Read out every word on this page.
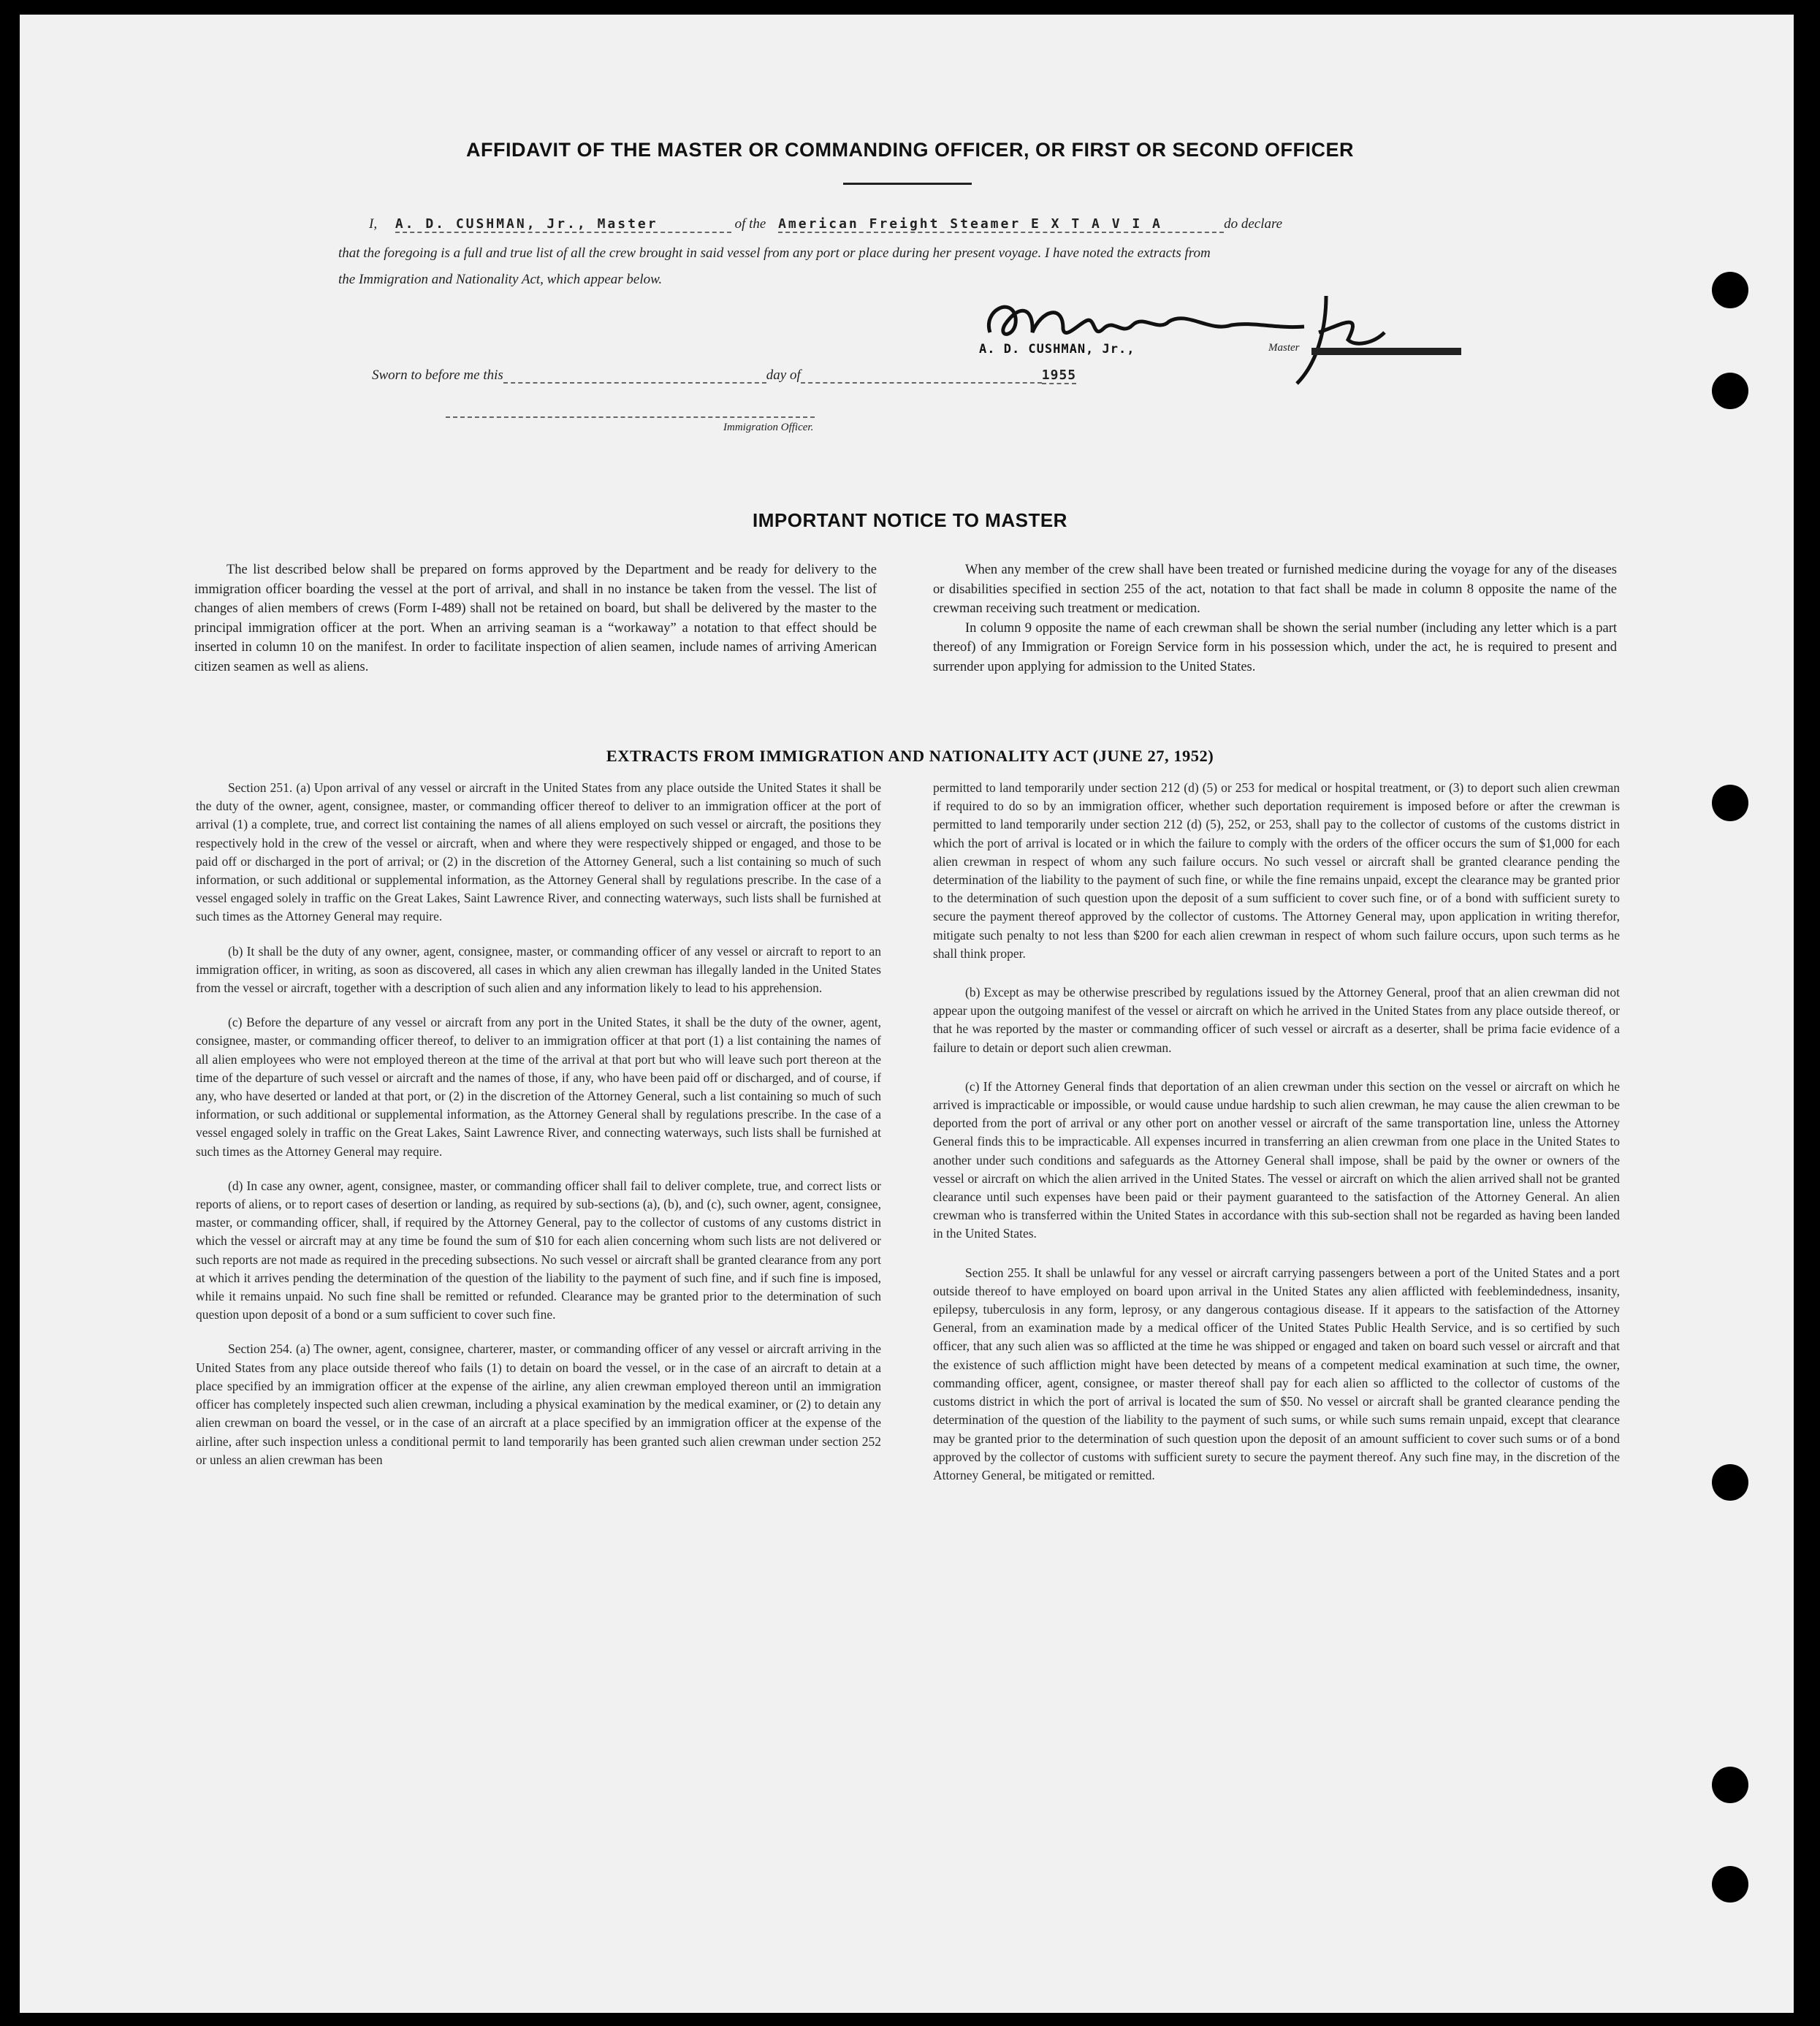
AFFIDAVIT OF THE MASTER OR COMMANDING OFFICER, OR FIRST OR SECOND OFFICER
I, A. D. CUSHMAN, Jr., Master	of the American Freight Steamer E X T A V I A	do declare
that the foregoing is a full and true list of all the crew brought in said vessel from any port or place during her present voyage. I have noted the extracts from
the Immigration and Nationality Act, which appear below.
A. D. CUSHMAN, Jr.,	Master
Sworn to before me this	day of	1955
Immigration Officer.
IMPORTANT NOTICE TO MASTER

The list described below shall be prepared on forms approved by the Department and be ready for delivery to the immigration officer boarding the vessel at the port of arrival, and shall in no instance be taken from the vessel. The list of changes of alien members of crews (Form I-489) shall not be retained on board, but shall be delivered by the master to the principal immigration officer at the port. When an arriving seaman is a “workaway” a notation to that effect should be inserted in column 10 on the manifest. In order to facilitate inspection of alien seamen, include names of arriving American citizen seamen as well as aliens.

When any member of the crew shall have been treated or furnished medicine during the voyage for any of the diseases or disabilities specified in section 255 of the act, notation to that fact shall be made in column 8 opposite the name of the crewman receiving such treatment or medication.

In column 9 opposite the name of each crewman shall be shown the serial number (including any letter which is a part thereof) of any Immigration or Foreign Service form in his possession which, under the act, he is required to present and surrender upon applying for admission to the United States.

EXTRACTS FROM IMMIGRATION AND NATIONALITY ACT (JUNE 27, 1952)

Section 251. (a) Upon arrival of any vessel or aircraft in the United States from any place outside the United States it shall be the duty of the owner, agent, consignee, master, or commanding officer thereof to deliver to an immigration officer at the port of arrival (1) a complete, true, and correct list containing the names of all aliens employed on such vessel or aircraft, the positions they respectively hold in the crew of the vessel or aircraft, when and where they were respectively shipped or engaged, and those to be paid off or discharged in the port of arrival; or (2) in the discretion of the Attorney General, such a list containing so much of such information, or such additional or supplemental information, as the Attorney General shall by regulations prescribe. In the case of a vessel engaged solely in traffic on the Great Lakes, Saint Lawrence River, and connecting waterways, such lists shall be furnished at such times as the Attorney General may require.

(b) It shall be the duty of any owner, agent, consignee, master, or commanding officer of any vessel or aircraft to report to an immigration officer, in writing, as soon as discovered, all cases in which any alien crewman has illegally landed in the United States from the vessel or aircraft, together with a description of such alien and any information likely to lead to his apprehension.

(c) Before the departure of any vessel or aircraft from any port in the United States, it shall be the duty of the owner, agent, consignee, master, or commanding officer thereof, to deliver to an immigration officer at that port (1) a list containing the names of all alien employees who were not employed thereon at the time of the arrival at that port but who will leave such port thereon at the time of the departure of such vessel or aircraft and the names of those, if any, who have been paid off or discharged, and of course, if any, who have deserted or landed at that port, or (2) in the discretion of the Attorney General, such a list containing so much of such information, or such additional or supplemental information, as the Attorney General shall by regulations prescribe. In the case of a vessel engaged solely in traffic on the Great Lakes, Saint Lawrence River, and connecting waterways, such lists shall be furnished at such times as the Attorney General may require.

(d) In case any owner, agent, consignee, master, or commanding officer shall fail to deliver complete, true, and correct lists or reports of aliens, or to report cases of desertion or landing, as required by sub-sections (a), (b), and (c), such owner, agent, consignee, master, or commanding officer, shall, if required by the Attorney General, pay to the collector of customs of any customs district in which the vessel or aircraft may at any time be found the sum of $10 for each alien concerning whom such lists are not delivered or such reports are not made as required in the preceding subsections. No such vessel or aircraft shall be granted clearance from any port at which it arrives pending the determination of the question of the liability to the payment of such fine, and if such fine is imposed, while it remains unpaid. No such fine shall be remitted or refunded. Clearance may be granted prior to the determination of such question upon deposit of a bond or a sum sufficient to cover such fine.

Section 254. (a) The owner, agent, consignee, charterer, master, or commanding officer of any vessel or aircraft arriving in the United States from any place outside thereof who fails (1) to detain on board the vessel, or in the case of an aircraft to detain at a place specified by an immigration officer at the expense of the airline, any alien crewman employed thereon until an immigration officer has completely inspected such alien crewman, including a physical examination by the medical examiner, or (2) to detain any alien crewman on board the vessel, or in the case of an aircraft at a place specified by an immigration officer at the expense of the airline, after such inspection unless a conditional permit to land temporarily has been granted such alien crewman under section 252 or unless an alien crewman has been

permitted to land temporarily under section 212 (d) (5) or 253 for medical or hospital treatment, or (3) to deport such alien crewman if required to do so by an immigration officer, whether such deportation requirement is imposed before or after the crewman is permitted to land temporarily under section 212 (d) (5), 252, or 253, shall pay to the collector of customs of the customs district in which the port of arrival is located or in which the failure to comply with the orders of the officer occurs the sum of $1,000 for each alien crewman in respect of whom any such failure occurs. No such vessel or aircraft shall be granted clearance pending the determination of the liability to the payment of such fine, or while the fine remains unpaid, except the clearance may be granted prior to the determination of such question upon the deposit of a sum sufficient to cover such fine, or of a bond with sufficient surety to secure the payment thereof approved by the collector of customs. The Attorney General may, upon application in writing therefor, mitigate such penalty to not less than $200 for each alien crewman in respect of whom such failure occurs, upon such terms as he shall think proper.

(b) Except as may be otherwise prescribed by regulations issued by the Attorney General, proof that an alien crewman did not appear upon the outgoing manifest of the vessel or aircraft on which he arrived in the United States from any place outside thereof, or that he was reported by the master or commanding officer of such vessel or aircraft as a deserter, shall be prima facie evidence of a failure to detain or deport such alien crewman.

(c) If the Attorney General finds that deportation of an alien crewman under this section on the vessel or aircraft on which he arrived is impracticable or impossible, or would cause undue hardship to such alien crewman, he may cause the alien crewman to be deported from the port of arrival or any other port on another vessel or aircraft of the same transportation line, unless the Attorney General finds this to be impracticable. All expenses incurred in transferring an alien crewman from one place in the United States to another under such conditions and safeguards as the Attorney General shall impose, shall be paid by the owner or owners of the vessel or aircraft on which the alien arrived in the United States. The vessel or aircraft on which the alien arrived shall not be granted clearance until such expenses have been paid or their payment guaranteed to the satisfaction of the Attorney General. An alien crewman who is transferred within the United States in accordance with this sub-section shall not be regarded as having been landed in the United States.

Section 255. It shall be unlawful for any vessel or aircraft carrying passengers between a port of the United States and a port outside thereof to have employed on board upon arrival in the United States any alien afflicted with feeblemindedness, insanity, epilepsy, tuberculosis in any form, leprosy, or any dangerous contagious disease. If it appears to the satisfaction of the Attorney General, from an examination made by a medical officer of the United States Public Health Service, and is so certified by such officer, that any such alien was so afflicted at the time he was shipped or engaged and taken on board such vessel or aircraft and that the existence of such affliction might have been detected by means of a competent medical examination at such time, the owner, commanding officer, agent, consignee, or master thereof shall pay for each alien so afflicted to the collector of customs of the customs district in which the port of arrival is located the sum of $50. No vessel or aircraft shall be granted clearance pending the determination of the question of the liability to the payment of such sums, or while such sums remain unpaid, except that clearance may be granted prior to the determination of such question upon the deposit of an amount sufficient to cover such sums or of a bond approved by the collector of customs with sufficient surety to secure the payment thereof. Any such fine may, in the discretion of the Attorney General, be mitigated or remitted.
